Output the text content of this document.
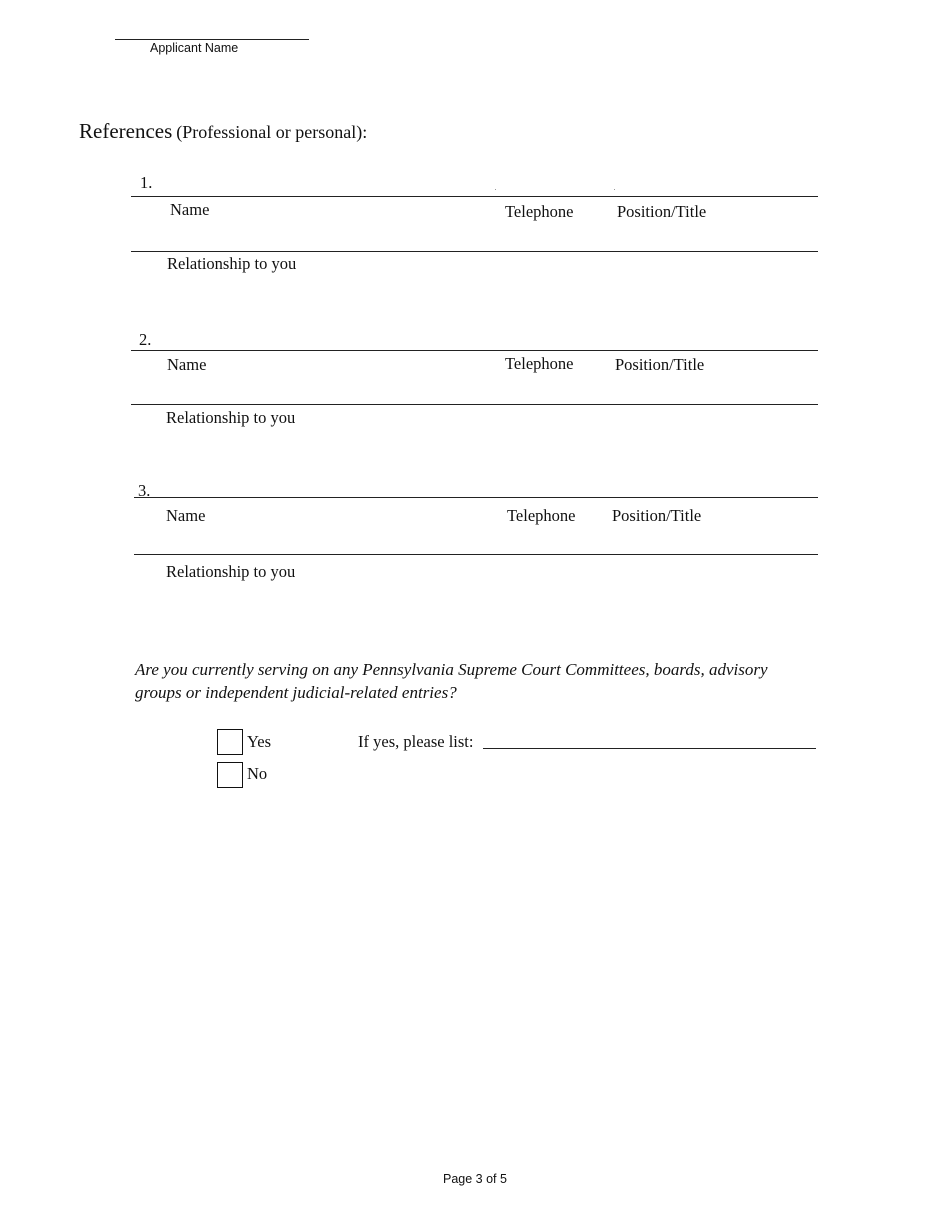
Applicant Name
References (Professional or personal):
1.
Name	Telephone	Position/Title
Relationship to you
2.
Name	Telephone	Position/Title
Relationship to you
3.
Name	Telephone Position/Title
Relationship to you
Are you currently serving on any Pennsylvania Supreme Court Committees, boards, advisory
groups or independent judicial-related entries?
Yes
No
If yes, please list:
Page 3 of 5
